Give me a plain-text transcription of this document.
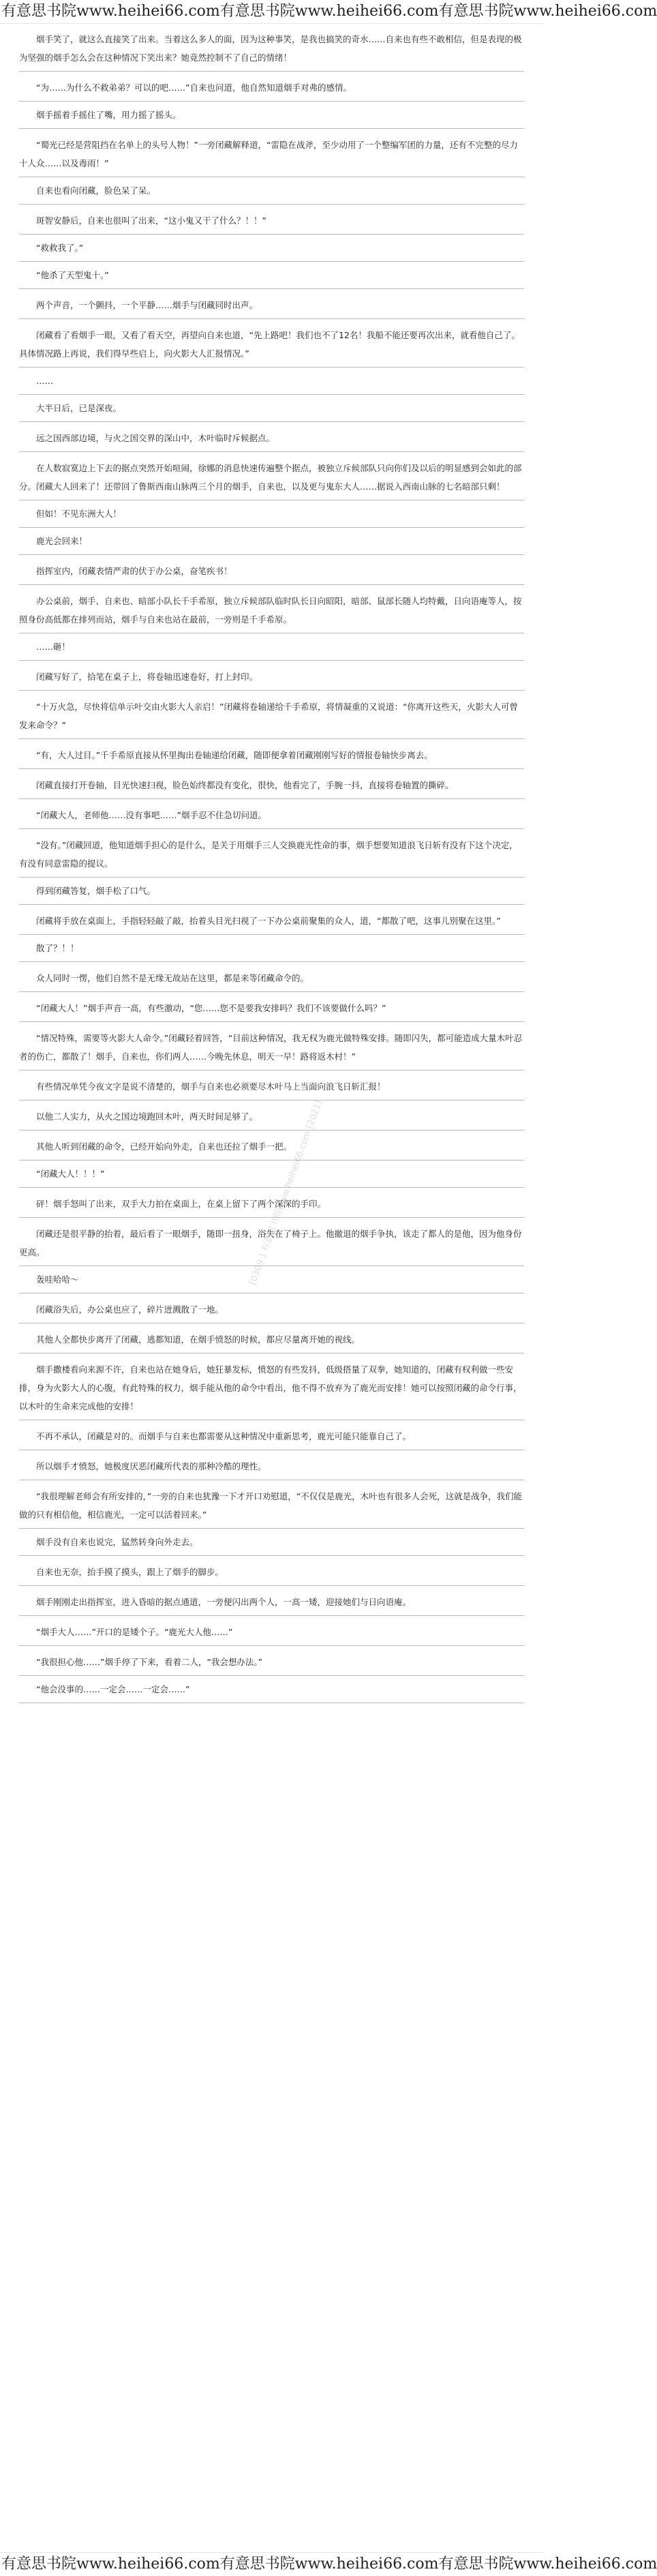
有意思书院www.heihei66.com有意思书院www.heihei66.com有意思书院www.heihei66.com

烟手笑了，就这么直接笑了出来。当着这么多人的面，因为这种事笑，是我也搞笑的奇水……自来也有些不敢相信，但是表现的极为坚强的烟手怎么会在这种情况下笑出来？她竟然控制不了自己的情绪！

“为……为什么不救弟弟？可以的吧……”自来也问道，他自然知道烟手对弗的感情。

烟手摇着手摇住了嘴，用力摇了摇头。

“蜀光已经是营阻挡在名单上的头号人物！”一旁闭藏解释道，“雷隐在战斧，至少动用了一个整编军团的力量，还有不完整的尽力十人众……以及毒雨！”

自来也看向闭藏，脸色呆了呆。

斑智安静后，自来也很叫了出来，“这小鬼又干了什么？！！”

“救救我了。”

“他杀了天型鬼十。”

两个声音，一个颤抖，一个平静……烟手与闭藏同时出声。

闭藏看了看烟手一眼，又看了看天空，再望向自来也道，“先上路吧！我们也不了12名！我船不能还要再次出来，就看他自己了。具体情况路上再说，我们得早些启上，向火影大人汇报情况。”

……

大半日后，已是深夜。

远之国西部边境，与火之国交界的深山中，木叶临时斥候据点。

在人数寂寞边上下去的据点突然开始喧闹，徐娜的消息快速传遍整个据点，被独立斥候部队只向你们及以后的明显感到会如此的部分。闭藏大人回来了！还带回了鲁斯西南山脉两三个月的烟手，自来也，以及更与鬼东大人……据说入西南山脉的七名暗部只剩！

但如！不见东洲大人！

鹿光会回来！

指挥室内，闭藏表情严肃的伏于办公桌，奋笔疾书！

办公桌前，烟手、自来也、暗部小队长千手希原，独立斥候部队临时队长日向昭阳，暗部、鼠部长随人均特戴，日向语庵等人，按照身份高低都在排列而站，烟手与自来也站在最前，一旁则是千手希原。

……砸！

闭藏写好了，拾笔在桌子上，将卷轴迅速卷好，打上封印。

“十万火急，尽快将信单示叶交由火影大人亲启！”闭藏将卷轴递给千手希原，将情凝重的又说道：“你离开这些天，火影大人可曾发来命令？”

“有，大人过目。”千手希原直接从怀里掏出卷轴递给闭藏，随即便拿着闭藏刚刚写好的情报卷轴快步离去。

闭藏直接打开卷轴，目光快速扫视，脸色始终都没有变化，很快，他看完了，手腕一抖，直接将卷轴置的撕碎。

“闭藏大人，老师他……没有事吧……”烟手忍不住急切问道。

“没有。”闭藏回道，他知道烟手担心的是什么，是关于用烟手三人交换鹿光性命的事，烟手想要知道浪飞日斩有没有下这个决定，有没有同意雷隐的提议。

得到闭藏答复，烟手松了口气。

闭藏将手放在桌面上，手指轻轻敲了敲，抬着头目光扫视了一下办公桌前聚集的众人，道，“都散了吧，这事儿别聚在这里。”

散了？！！

众人同时一愣，他们自然不是无缘无故站在这里，都是来等闭藏命令的。

“闭藏大人！”烟手声音一高，有些激动，“您……您不是要我安排吗？我们不该要做什么吗？”

“情况特殊，需要等火影大人命令。”闭藏轻着回答，“目前这种情况，我无权为鹿光做特殊安排。随即闪失，都可能造成大量木叶忍者的伤亡，都散了！烟手，自来也，你们两人……今晚先休息，明天一早！路将返木村！”

有些情况单凭今夜文字是说不清楚的，烟手与自来也必须要尽木叶马上当面向浪飞日斩汇报！

以他二人实力，从火之国边境跑回木叶，两天时间足够了。

其他人听到闭藏的命令，已经开始向外走，自来也还拉了烟手一把。

“闭藏大人！！！”

砰！烟手怒叫了出来，双手大力拍在桌面上，在桌上留下了两个深深的手印。

闭藏还是很平静的抬着，最后看了一眼烟手，随即一扭身，浴失在了椅子上。他撤退的烟手争执，该走了都人的是他，因为他身份更高。

轰哇哈哈～

闭藏浴失后，办公桌也应了，碎片迸溅散了一地。

其他人全都快步离开了闭藏，逃都知道，在烟手愤怒的时候，都应尽量离开她的视线。

烟手撒楼看向来源不许，自来也站在她身后，她狂暴发标，愤怒的有些发抖，低级搭量了双拳，她知道的，闭藏有权利做一些安排，身为火影大人的心腹，有此特殊的权力，烟手能从他的命令中看出，他不得不放弃为了鹿光而安排！她可以按照闭藏的命令行事，以木叶的生命来完成他的安排！

不再不承认，闭藏是对的。而烟手与自来也都需要从这种情况中重新思考，鹿光可能只能靠自己了。

所以烟手才愤怒，她极度厌恶闭藏所代表的那种冷酷的理性。

“我很理解老师会有所安排的，”一旁的自来也犹豫一下才开口劝慰道，“不仅仅是鹿光，木叶也有很多人会死，这就是战争，我们能做的只有相信他，相信鹿光，一定可以活着回来。”

烟手没有自来也说完，猛然转身向外走去。

自来也无奈，抬手摸了摸头，跟上了烟手的脚步。

烟手刚刚走出指挥室，进入昏暗的据点通道，一旁便闪出两个人，一高一矮，迎接她们与日向语庵。

“烟手大人……”开口的是矮个子。“鹿光大人他……”

“我很担心他……”烟手停了下来，看着二人，“我会想办法。”

“他会没事的……一定会……一定会……”

[0309 ] 有意思书院www.heihei66.com [2021]
有意思书院www.heihei66.com有意思书院www.heihei66.com有意思书院www.heihei66.com
